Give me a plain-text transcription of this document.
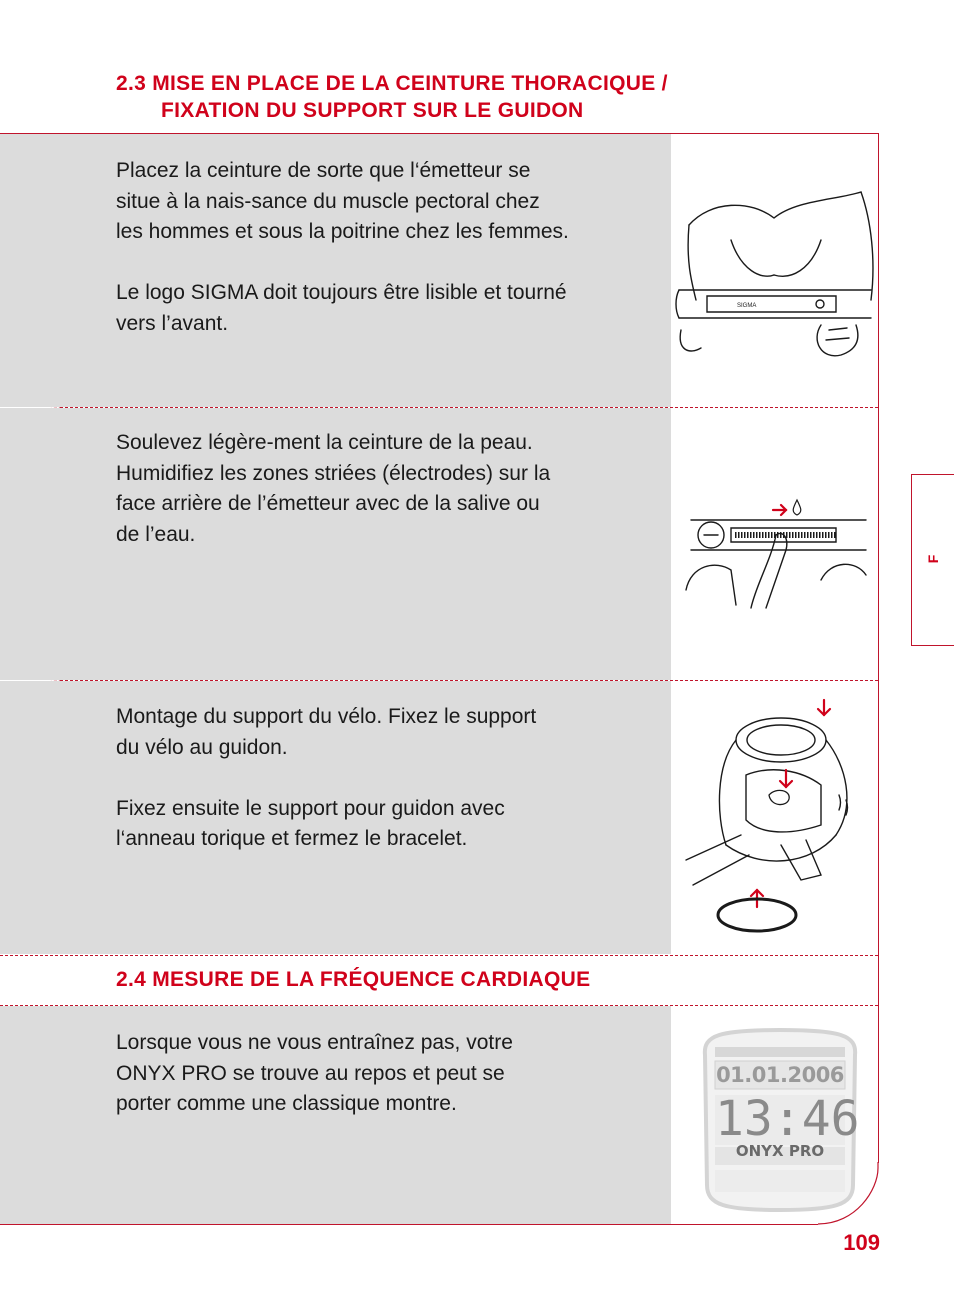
2.3 MISE EN PLACE DE LA CEINTURE THORACIQUE /
FIXATION DU SUPPORT SUR LE GUIDON
Placez la ceinture de sorte que l‘émetteur se
situe à la nais-sance du muscle pectoral chez
les hommes et sous la poitrine chez les femmes.

Le logo SIGMA doit toujours être lisible et tourné
vers l’avant.
SIGMA
Soulevez légère-ment la ceinture de la peau.
Humidifiez les zones striées (électrodes) sur la
face arrière de l’émetteur avec de la salive ou
de l’eau.
Montage du support du vélo. Fixez le support
du vélo au guidon.

Fixez ensuite le support pour guidon avec
l‘anneau torique et fermez le bracelet.
2.4 MESURE DE LA FRÉQUENCE CARDIAQUE
Lorsque vous ne vous entraînez pas, votre
ONYX PRO se trouve au repos et peut se
porter comme une classique montre.
01.01.2006
13:46
ONYX PRO
F
109
